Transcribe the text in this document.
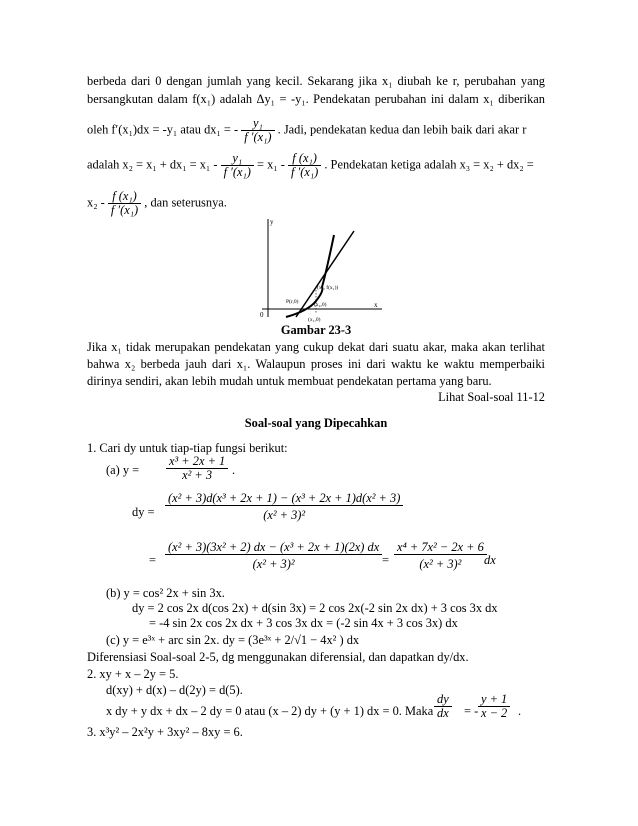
berbeda dari 0 dengan jumlah yang kecil. Sekarang jika x₁ diubah ke r, perubahan yang
bersangkutan dalam f(x₁) adalah Δy₁ = -y₁. Pendekatan perubahan ini dalam x₁ diberikan
oleh f′(x₁)dx = -y₁ atau dx₁ = - $\frac{\text{y₁}}{\text{f ′(x₁)}}$ . Jadi, pendekatan kedua dan lebih baik dari akar r
adalah $x_2 = x_1 + dx_1 = x_1 - \frac{\text{y₁}}{\text{f ′(x₁)}} = x_1 - \frac{\text{f (x₁)}}{\text{f ′(x₁)}}$ . Pendekatan ketiga adalah x₃ = x₂ + dx₂ =
$x_2 - \frac{\text{f (x₁)}}{\text{f ′(x₁)}}$ , dan seterusnya.
y
x
0
(x₁, f(x₁))
P(r,0)	(x₂,0)
(x₁,0)
Gambar 23-3
Jika x₁ tidak merupakan pendekatan yang cukup dekat dari suatu akar, maka akan terlihat
bahwa x₂ berbeda jauh dari x₁. Walaupun proses ini dari waktu ke waktu memperbaiki
dirinya sendiri, akan lebih mudah untuk membuat pendekatan pertama yang baru.
Lihat Soal-soal 11-12
Soal-soal yang Dipecahkan
1. Cari dy untuk tiap-tiap fungsi berikut:
(a) $y = \frac{\text{x³ + 2x + 1}}{\text{x² + 3}}$ .
dy = $\frac{\text{(x² + 3)d(x³ + 2x + 1) − (x³ + 2x + 1)d(x² + 3)}}{\text{(x² + 3)²}}$
= $\frac{\text{(x² + 3)(3x² + 2) dx − (x³ + 2x + 1)(2x) dx}}{\text{(x² + 3)²}} = \frac{\text{x⁴ + 7x² − 2x + 6}}{\text{(x² + 3)²}}$
dx
(b) y = cos² 2x + sin 3x.
dy = 2 cos 2x d(cos 2x) + d(sin 3x) = 2 cos 2x(-2 sin 2x dx) + 3 cos 3x dx
= -4 sin 2x cos 2x dx + 3 cos 3x dx = (-2 sin 4x + 3 cos 3x) dx
(c) y = e³ˣ + arc sin 2x. dy = (3e³ˣ + 2/√1 − 4x² ) dx
Diferensiasi Soal-soal 2-5, dg menggunakan diferensial, dan dapatkan dy/dx.
2. xy + x – 2y = 5.
d(xy) + d(x) – d(2y) = d(5).
x dy + y dx + dx – 2 dy = 0 atau (x – 2) dy + (y + 1) dx = 0. Maka $\frac{dy}{dx}$ = - $\frac{y + 1}{x - 2}$ .
3. x³y² – 2x²y + 3xy² – 8xy = 6.
